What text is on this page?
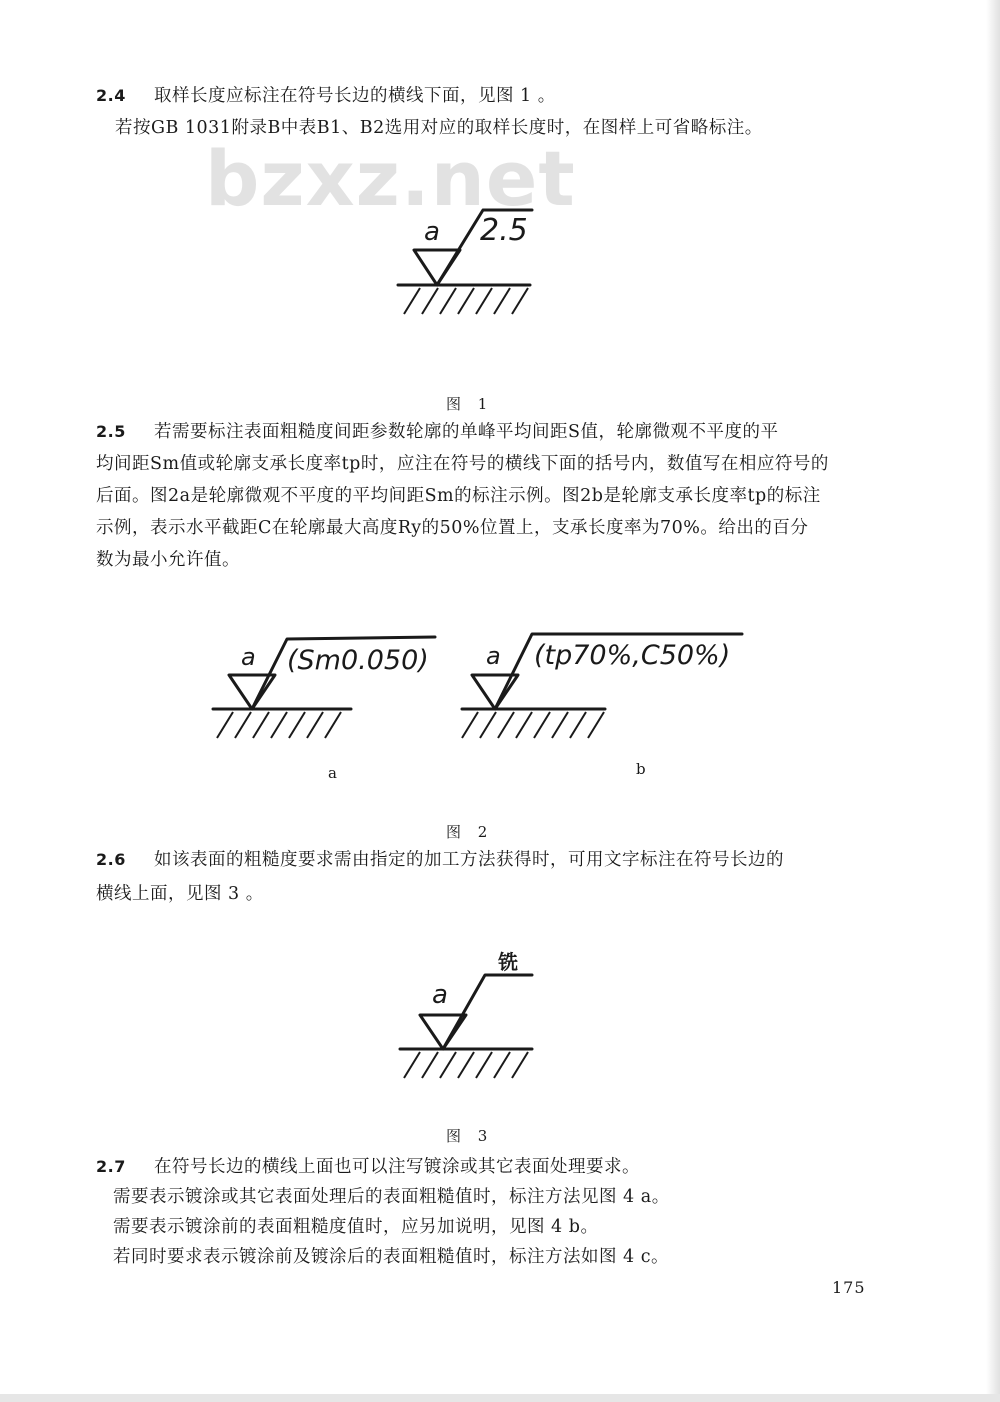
bzxz.net
2.4 取样长度应标注在符号长边的横线下面，见图 1 。
若按GB 1031附录B中表B1、B2选用对应的取样长度时，在图样上可省略标注。
a 2.5
图 1
2.5 若需要标注表面粗糙度间距参数轮廓的单峰平均间距S值，轮廓微观不平度的平
均间距Sm值或轮廓支承长度率tp时，应注在符号的横线下面的括号内，数值写在相应符号的
后面。图2a是轮廓微观不平度的平均间距Sm的标注示例。图2b是轮廓支承长度率tp的标注
示例，表示水平截距C在轮廓最大高度Ry的50%位置上，支承长度率为70%。给出的百分
数为最小允许值。
a (Sm0.050)
a
a (tp70%,C50%)
b
图 2
2.6 如该表面的粗糙度要求需由指定的加工方法获得时，可用文字标注在符号长边的
横线上面，见图 3 。
a
铣
图 3
2.7 在符号长边的横线上面也可以注写镀涂或其它表面处理要求。
需要表示镀涂或其它表面处理后的表面粗糙值时，标注方法见图 4 a。
需要表示镀涂前的表面粗糙度值时，应另加说明，见图 4 b。
若同时要求表示镀涂前及镀涂后的表面粗糙值时，标注方法如图 4 c。
175
